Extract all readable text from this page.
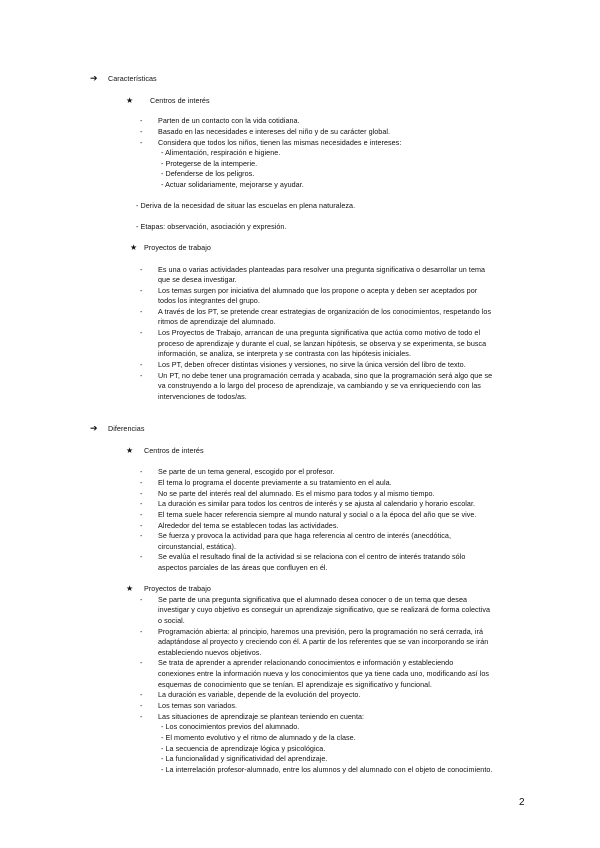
➔ Características
★ Centros de interés
- Parten de un contacto con la vida cotidiana.
- Basado en las necesidades e intereses del niño y de su carácter global.
- Considera que todos los niños, tienen las mismas necesidades e intereses:
- Alimentación, respiración e higiene.
- Protegerse de la intemperie.
- Defenderse de los peligros.
- Actuar solidariamente, mejorarse y ayudar.
- Deriva de la necesidad de situar las escuelas en plena naturaleza.
- Etapas: observación, asociación y expresión.
★ Proyectos de trabajo
- Es una o varias actividades planteadas para resolver una pregunta significativa o desarrollar un tema
que se desea investigar.
- Los temas surgen por iniciativa del alumnado que los propone o acepta y deben ser aceptados por
todos los integrantes del grupo.
- A través de los PT, se pretende crear estrategias de organización de los conocimientos, respetando los
ritmos de aprendizaje del alumnado.
- Los Proyectos de Trabajo, arrancan de una pregunta significativa que actúa como motivo de todo el
proceso de aprendizaje y durante el cual, se lanzan hipótesis, se observa y se experimenta, se busca
información, se analiza, se interpreta y se contrasta con las hipótesis iniciales.
- Los PT, deben ofrecer distintas visiones y versiones, no sirve la única versión del libro de texto.
- Un PT, no debe tener una programación cerrada y acabada, sino que la programación será algo que se
va construyendo a lo largo del proceso de aprendizaje, va cambiando y se va enriqueciendo con las
intervenciones de todos/as.
➔ Diferencias
★ Centros de interés
- Se parte de un tema general, escogido por el profesor.
- El tema lo programa el docente previamente a su tratamiento en el aula.
- No se parte del interés real del alumnado. Es el mismo para todos y al mismo tiempo.
- La duración es similar para todos los centros de interés y se ajusta al calendario y horario escolar.
- El tema suele hacer referencia siempre al mundo natural y social o a la época del año que se vive.
- Alrededor del tema se establecen todas las actividades.
- Se fuerza y provoca la actividad para que haga referencia al centro de interés (anecdótica,
circunstancial, estática).
- Se evalúa el resultado final de la actividad si se relaciona con el centro de interés tratando sólo
aspectos parciales de las áreas que confluyen en él.
★ Proyectos de trabajo
- Se parte de una pregunta significativa que el alumnado desea conocer o de un tema que desea
investigar y cuyo objetivo es conseguir un aprendizaje significativo, que se realizará de forma colectiva
o social.
- Programación abierta: al principio, haremos una previsión, pero la programación no será cerrada, irá
adaptándose al proyecto y creciendo con él. A partir de los referentes que se van incorporando se irán
estableciendo nuevos objetivos.
- Se trata de aprender a aprender relacionando conocimientos e información y estableciendo
conexiones entre la información nueva y los conocimientos que ya tiene cada uno, modificando así los
esquemas de conocimiento que se tenían. El aprendizaje es significativo y funcional.
- La duración es variable, depende de la evolución del proyecto.
- Los temas son variados.
- Las situaciones de aprendizaje se plantean teniendo en cuenta:
- Los conocimientos previos del alumnado.
- El momento evolutivo y el ritmo de alumnado y de la clase.
- La secuencia de aprendizaje lógica y psicológica.
- La funcionalidad y significatividad del aprendizaje.
- La interrelación profesor-alumnado, entre los alumnos y del alumnado con el objeto de conocimiento.
2
